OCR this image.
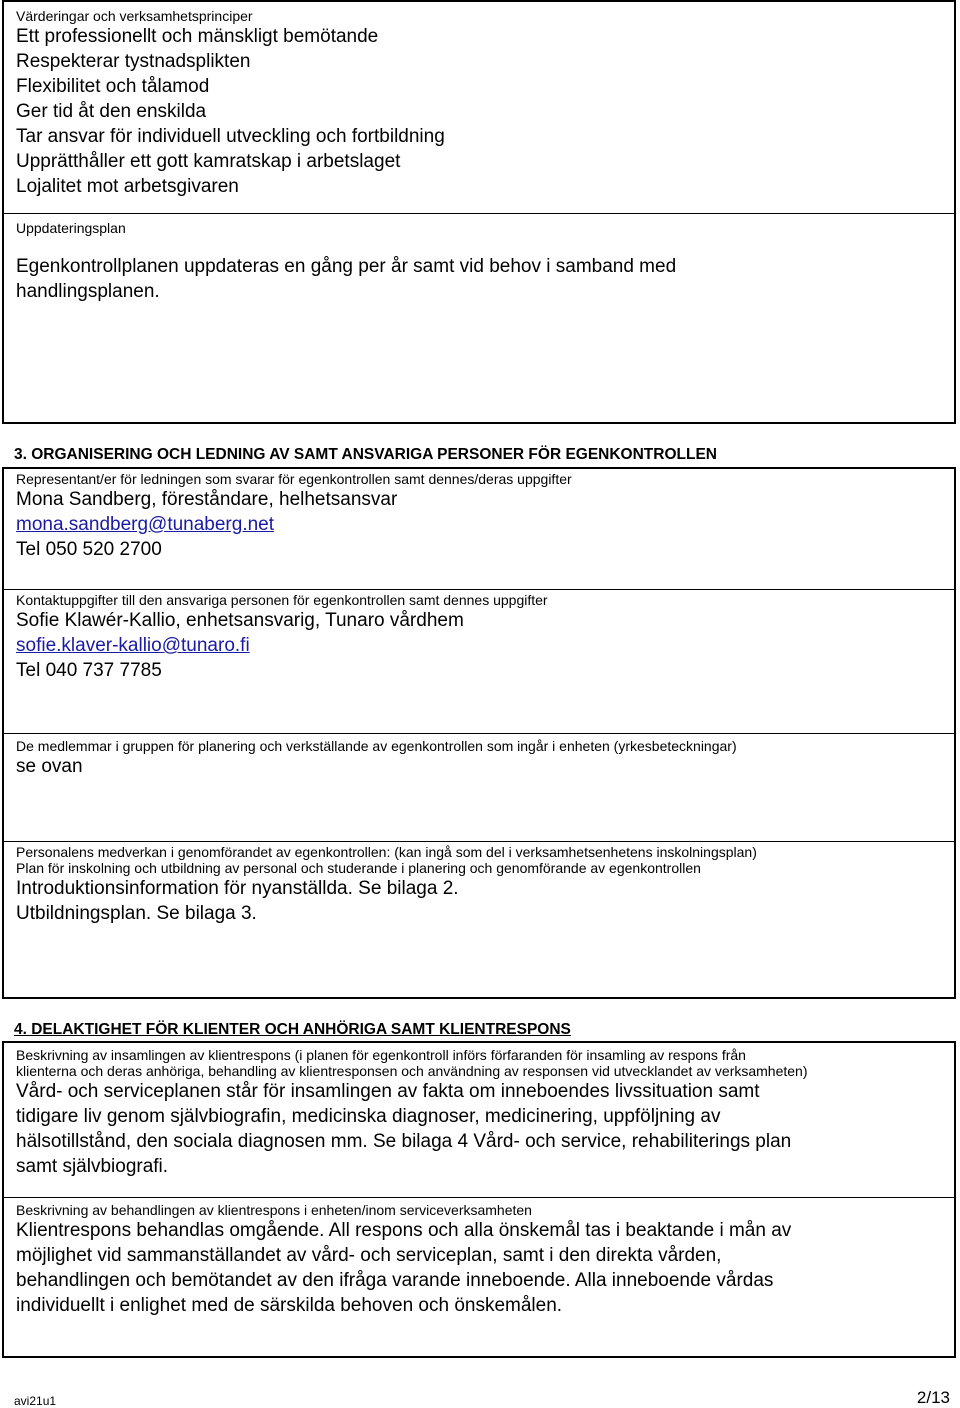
Värderingar och verksamhetsprinciper

Ett professionellt och mänskligt bemötande

Respekterar tystnadsplikten

Flexibilitet och tålamod

Ger tid åt den enskilda

Tar ansvar för individuell utveckling och fortbildning

Upprätthåller ett gott kamratskap i arbetslaget

Lojalitet mot arbetsgivaren

Uppdateringsplan

Egenkontrollplanen uppdateras en gång per år samt vid behov i samband med

handlingsplanen.

3. ORGANISERING OCH LEDNING AV SAMT ANSVARIGA PERSONER FÖR EGENKONTROLLEN

Representant/er för ledningen som svarar för egenkontrollen samt dennes/deras uppgifter

Mona Sandberg, föreståndare, helhetsansvar

mona.sandberg@tunaberg.net

Tel 050 520 2700

Kontaktuppgifter till den ansvariga personen för egenkontrollen samt dennes uppgifter

Sofie Klawér-Kallio, enhetsansvarig, Tunaro vårdhem

sofie.klaver-kallio@tunaro.fi

Tel 040 737 7785

De medlemmar i gruppen för planering och verkställande av egenkontrollen som ingår i enheten (yrkesbeteckningar)

se ovan

Personalens medverkan i genomförandet av egenkontrollen: (kan ingå som del i verksamhetsenhetens inskolningsplan)

Plan för inskolning och utbildning av personal och studerande i planering och genomförande av egenkontrollen

Introduktionsinformation för nyanställda. Se bilaga 2.

Utbildningsplan. Se bilaga 3.

4. DELAKTIGHET FÖR KLIENTER OCH ANHÖRIGA SAMT KLIENTRESPONS

Beskrivning av insamlingen av klientrespons (i planen för egenkontroll införs förfaranden för insamling av respons från

klienterna och deras anhöriga, behandling av klientresponsen och användning av responsen vid utvecklandet av verksamheten)

Vård- och serviceplanen står för insamlingen av fakta om inneboendes livssituation samt

tidigare liv genom självbiografin, medicinska diagnoser, medicinering, uppföljning av

hälsotillstånd, den sociala diagnosen mm. Se bilaga 4 Vård- och service, rehabiliterings plan

samt självbiografi.

Beskrivning av behandlingen av klientrespons i enheten/inom serviceverksamheten

Klientrespons behandlas omgående. All respons och alla önskemål tas i beaktande i mån av

möjlighet vid sammanställandet av vård- och serviceplan, samt i den direkta vården,

behandlingen och bemötandet av den ifråga varande inneboende. Alla inneboende vårdas

individuellt i enlighet med de särskilda behoven och önskemålen.

avi21u1	2/13
